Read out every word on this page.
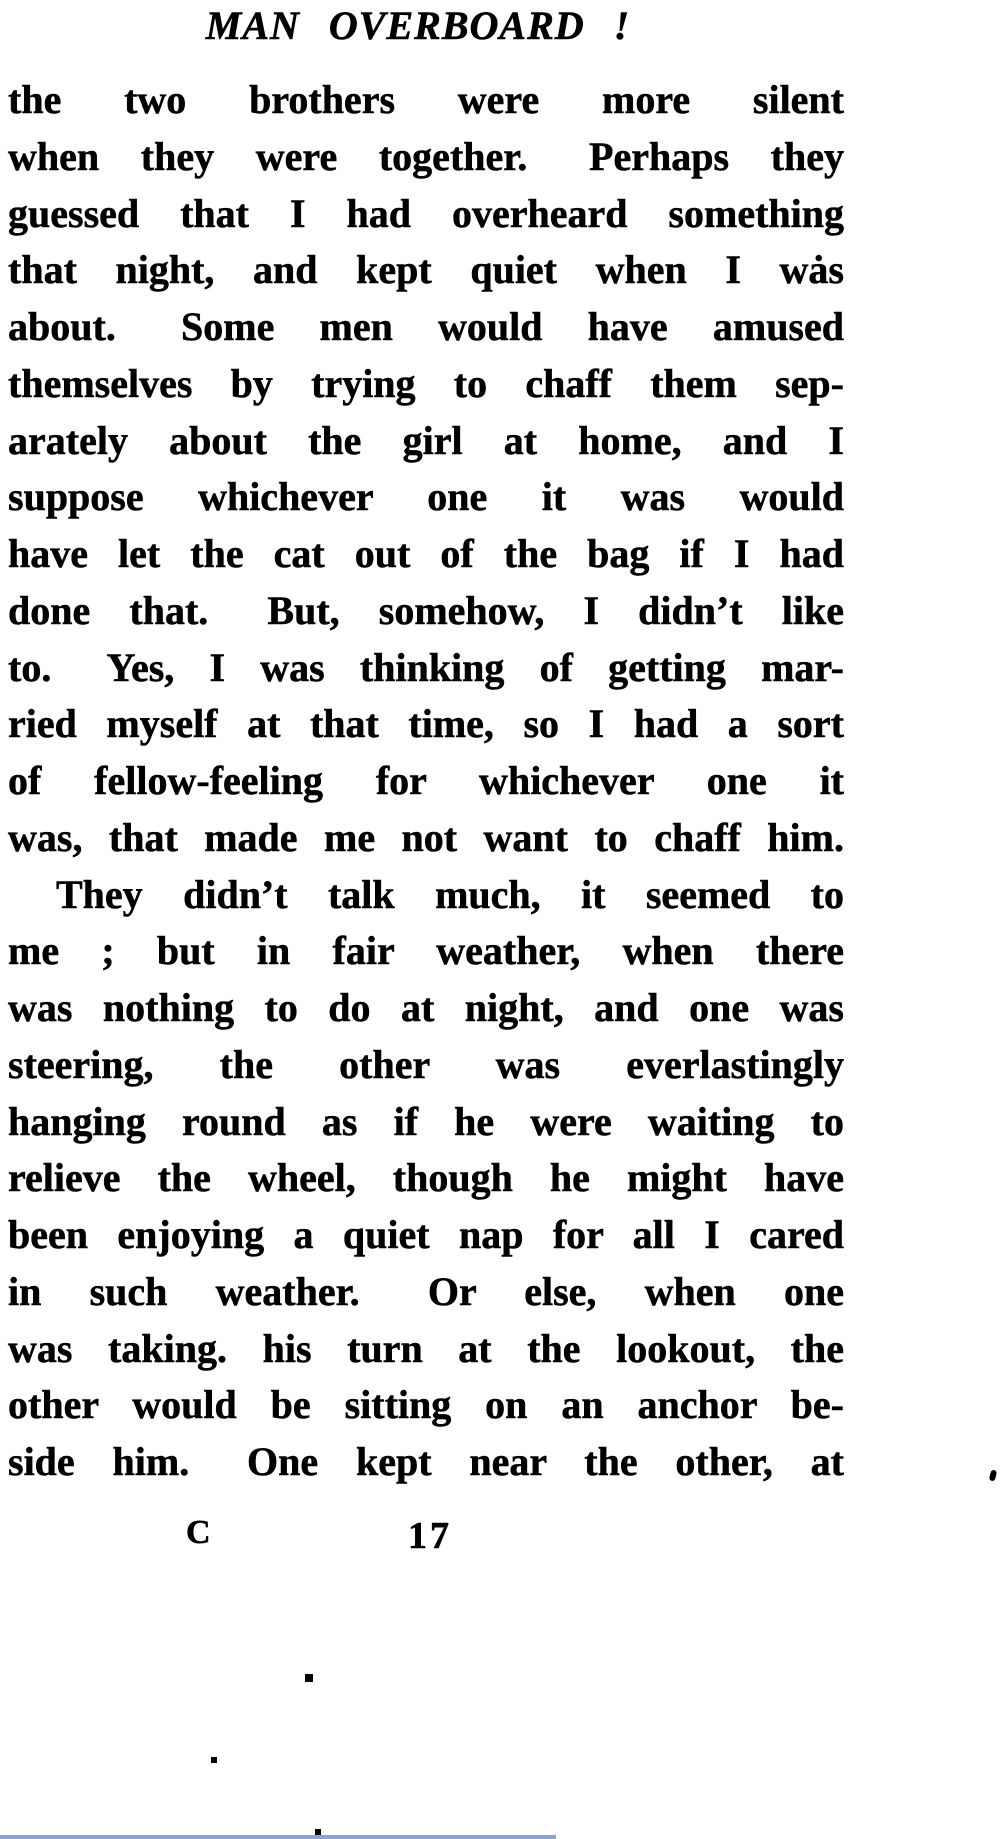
MAN OVERBOARD !
the two brothers were more silent
when they were together.  Perhaps they
guessed that I had overheard something
that night, and kept quiet when I wȧs
about.  Some men would have amused
themselves by trying to chaff them sep-
arately about the girl at home, and I
suppose whichever one it was would
have let the cat out of the bag if I had
done that.  But, somehow, I didn’t like
to.  Yes, I was thinking of getting mar-
ried myself at that time, so I had a sort
of fellow-feeling for whichever one it
was, that made me not want to chaff him.
They didn’t talk much, it seemed to
me ; but in fair weather, when there
was nothing to do at night, and one was
steering, the other was everlastingly
hanging round as if he were waiting to
relieve the wheel, though he might have
been enjoying a quiet nap for all I cared
in such weather.  Or else, when one
was taking. his turn at the lookout, the
other would be sitting on an anchor be-
side him.  One kept near the other, at
C	17
